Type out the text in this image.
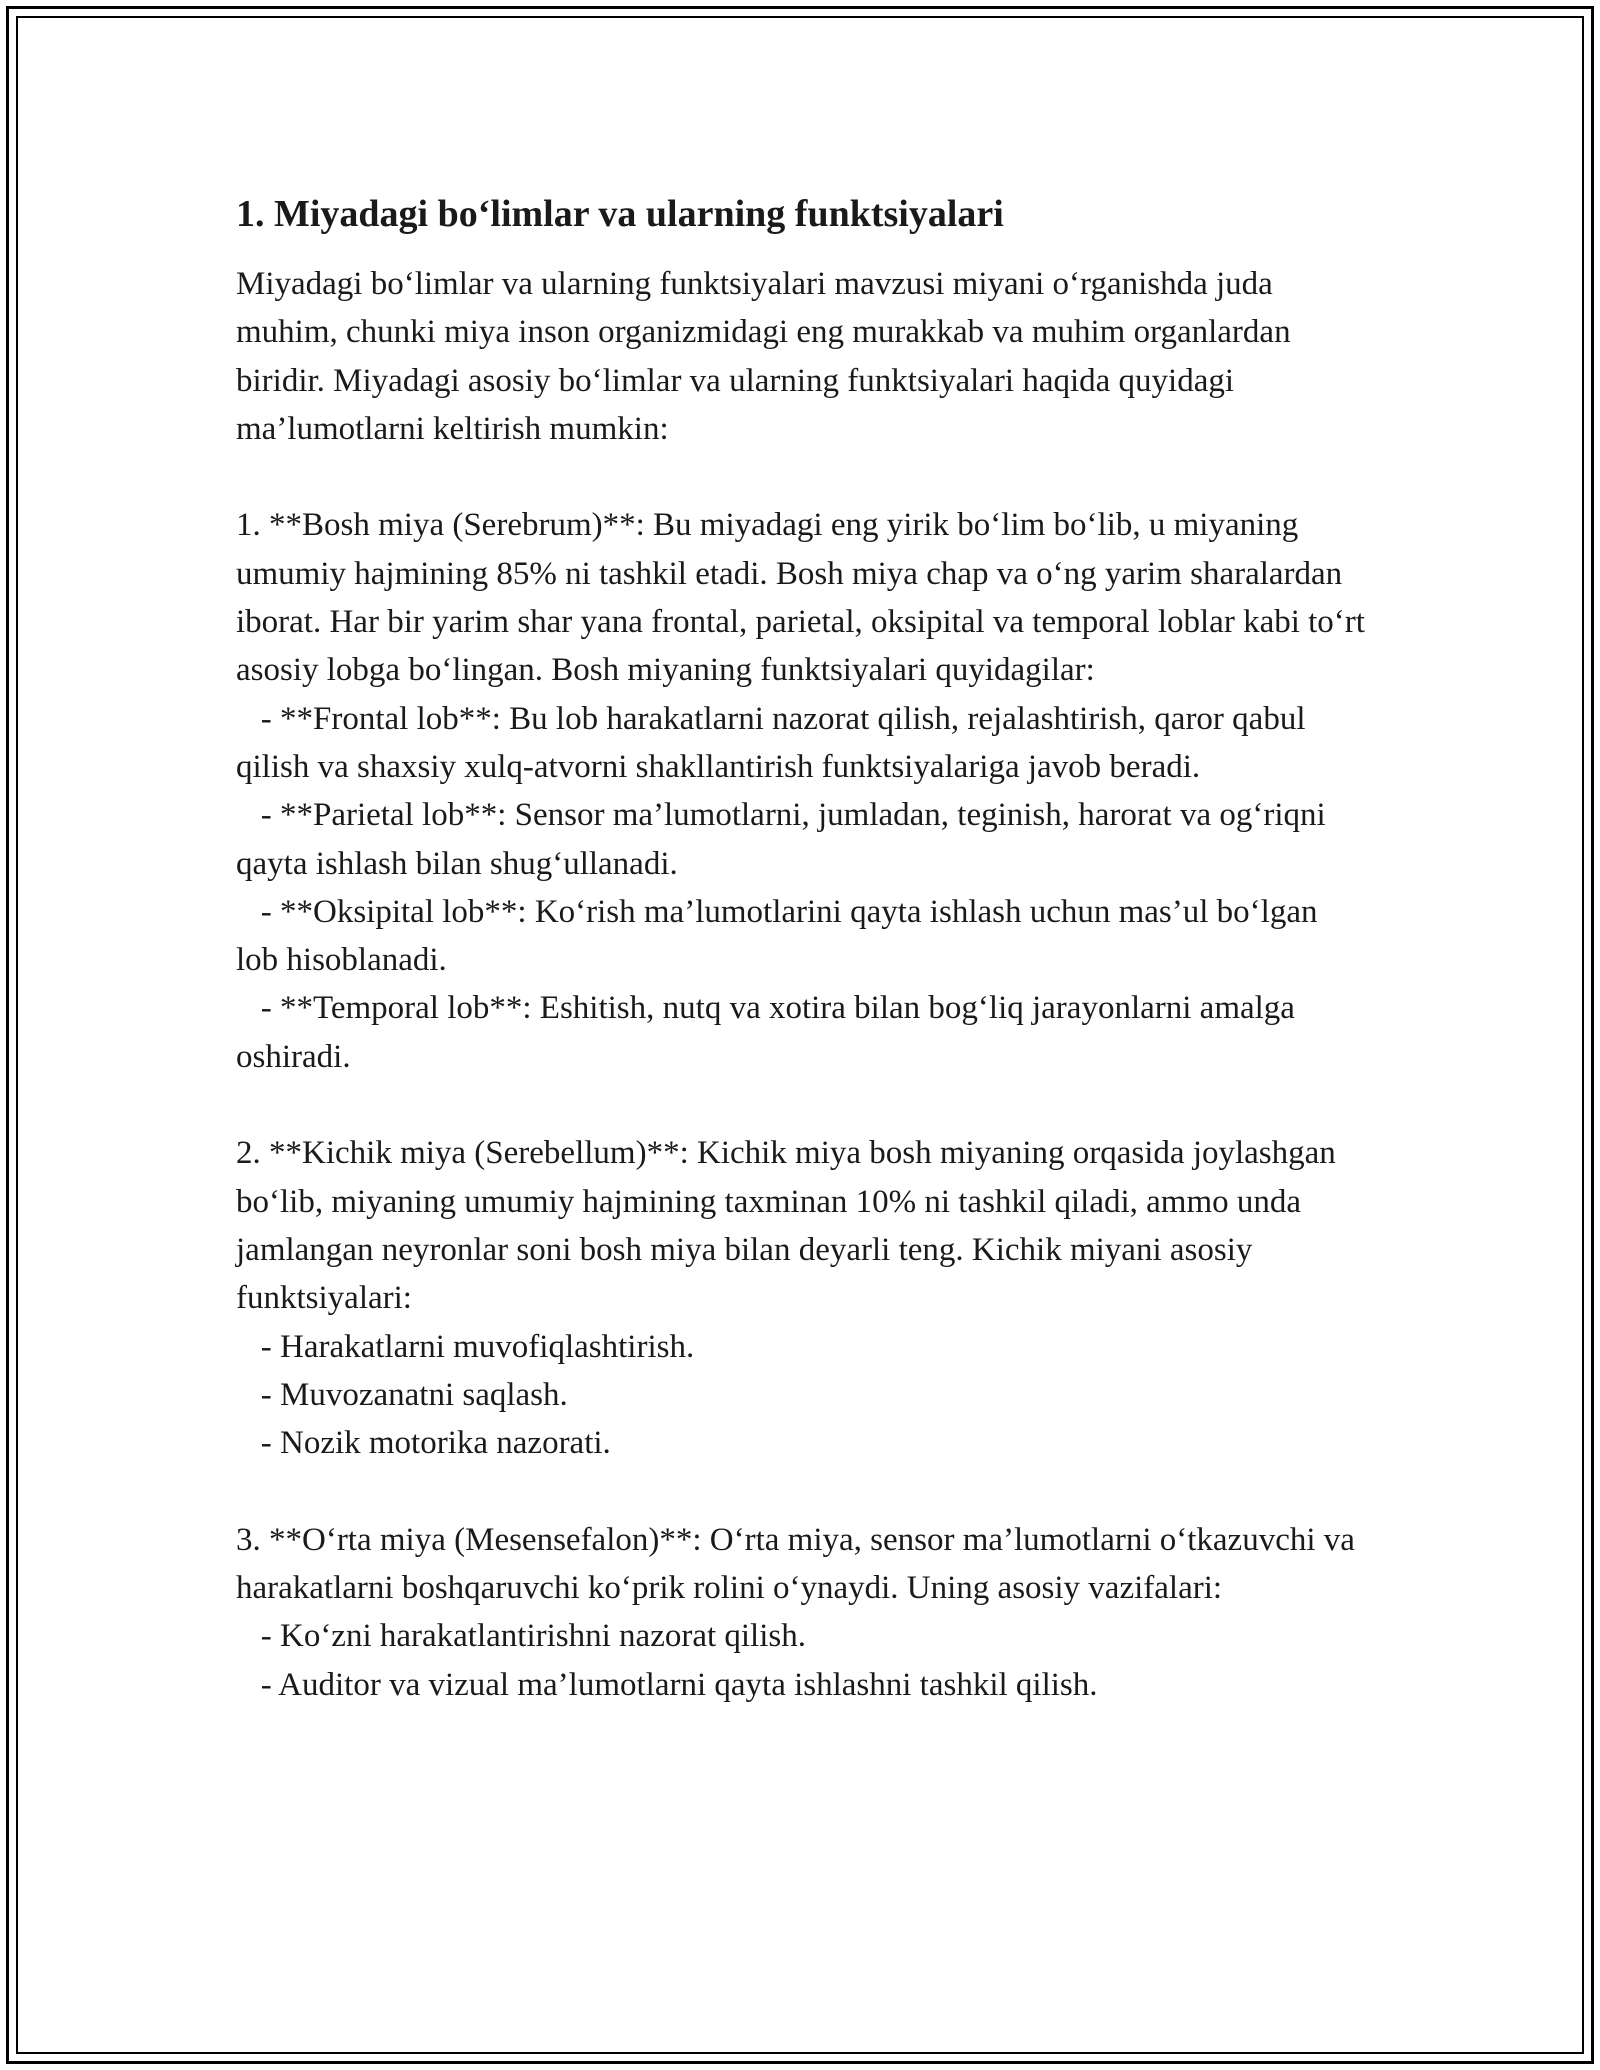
1. Miyadagi bo‘limlar va ularning funktsiyalari

Miyadagi bo‘limlar va ularning funktsiyalari mavzusi miyani o‘rganishda juda muhim, chunki miya inson organizmidagi eng murakkab va muhim organlardan biridir. Miyadagi asosiy bo‘limlar va ularning funktsiyalari haqida quyidagi ma’lumotlarni keltirish mumkin:

1. **Bosh miya (Serebrum)**: Bu miyadagi eng yirik bo‘lim bo‘lib, u miyaning umumiy hajmining 85% ni tashkil etadi. Bosh miya chap va o‘ng yarim sharalardan iborat. Har bir yarim shar yana frontal, parietal, oksipital va temporal loblar kabi to‘rt asosiy lobga bo‘lingan. Bosh miyaning funktsiyalari quyidagilar:
- **Frontal lob**: Bu lob harakatlarni nazorat qilish, rejalashtirish, qaror qabul qilish va shaxsiy xulq-atvorni shakllantirish funktsiyalariga javob beradi.
- **Parietal lob**: Sensor ma’lumotlarni, jumladan, teginish, harorat va og‘riqni qayta ishlash bilan shug‘ullanadi.
- **Oksipital lob**: Ko‘rish ma’lumotlarini qayta ishlash uchun mas’ul bo‘lgan lob hisoblanadi.
- **Temporal lob**: Eshitish, nutq va xotira bilan bog‘liq jarayonlarni amalga oshiradi.

2. **Kichik miya (Serebellum)**: Kichik miya bosh miyaning orqasida joylashgan bo‘lib, miyaning umumiy hajmining taxminan 10% ni tashkil qiladi, ammo unda jamlangan neyronlar soni bosh miya bilan deyarli teng. Kichik miyani asosiy funktsiyalari:
- Harakatlarni muvofiqlashtirish.
- Muvozanatni saqlash.
- Nozik motorika nazorati.

3. **O‘rta miya (Mesensefalon)**: O‘rta miya, sensor ma’lumotlarni o‘tkazuvchi va harakatlarni boshqaruvchi ko‘prik rolini o‘ynaydi. Uning asosiy vazifalari:
- Ko‘zni harakatlantirishni nazorat qilish.
- Auditor va vizual ma’lumotlarni qayta ishlashni tashkil qilish.
